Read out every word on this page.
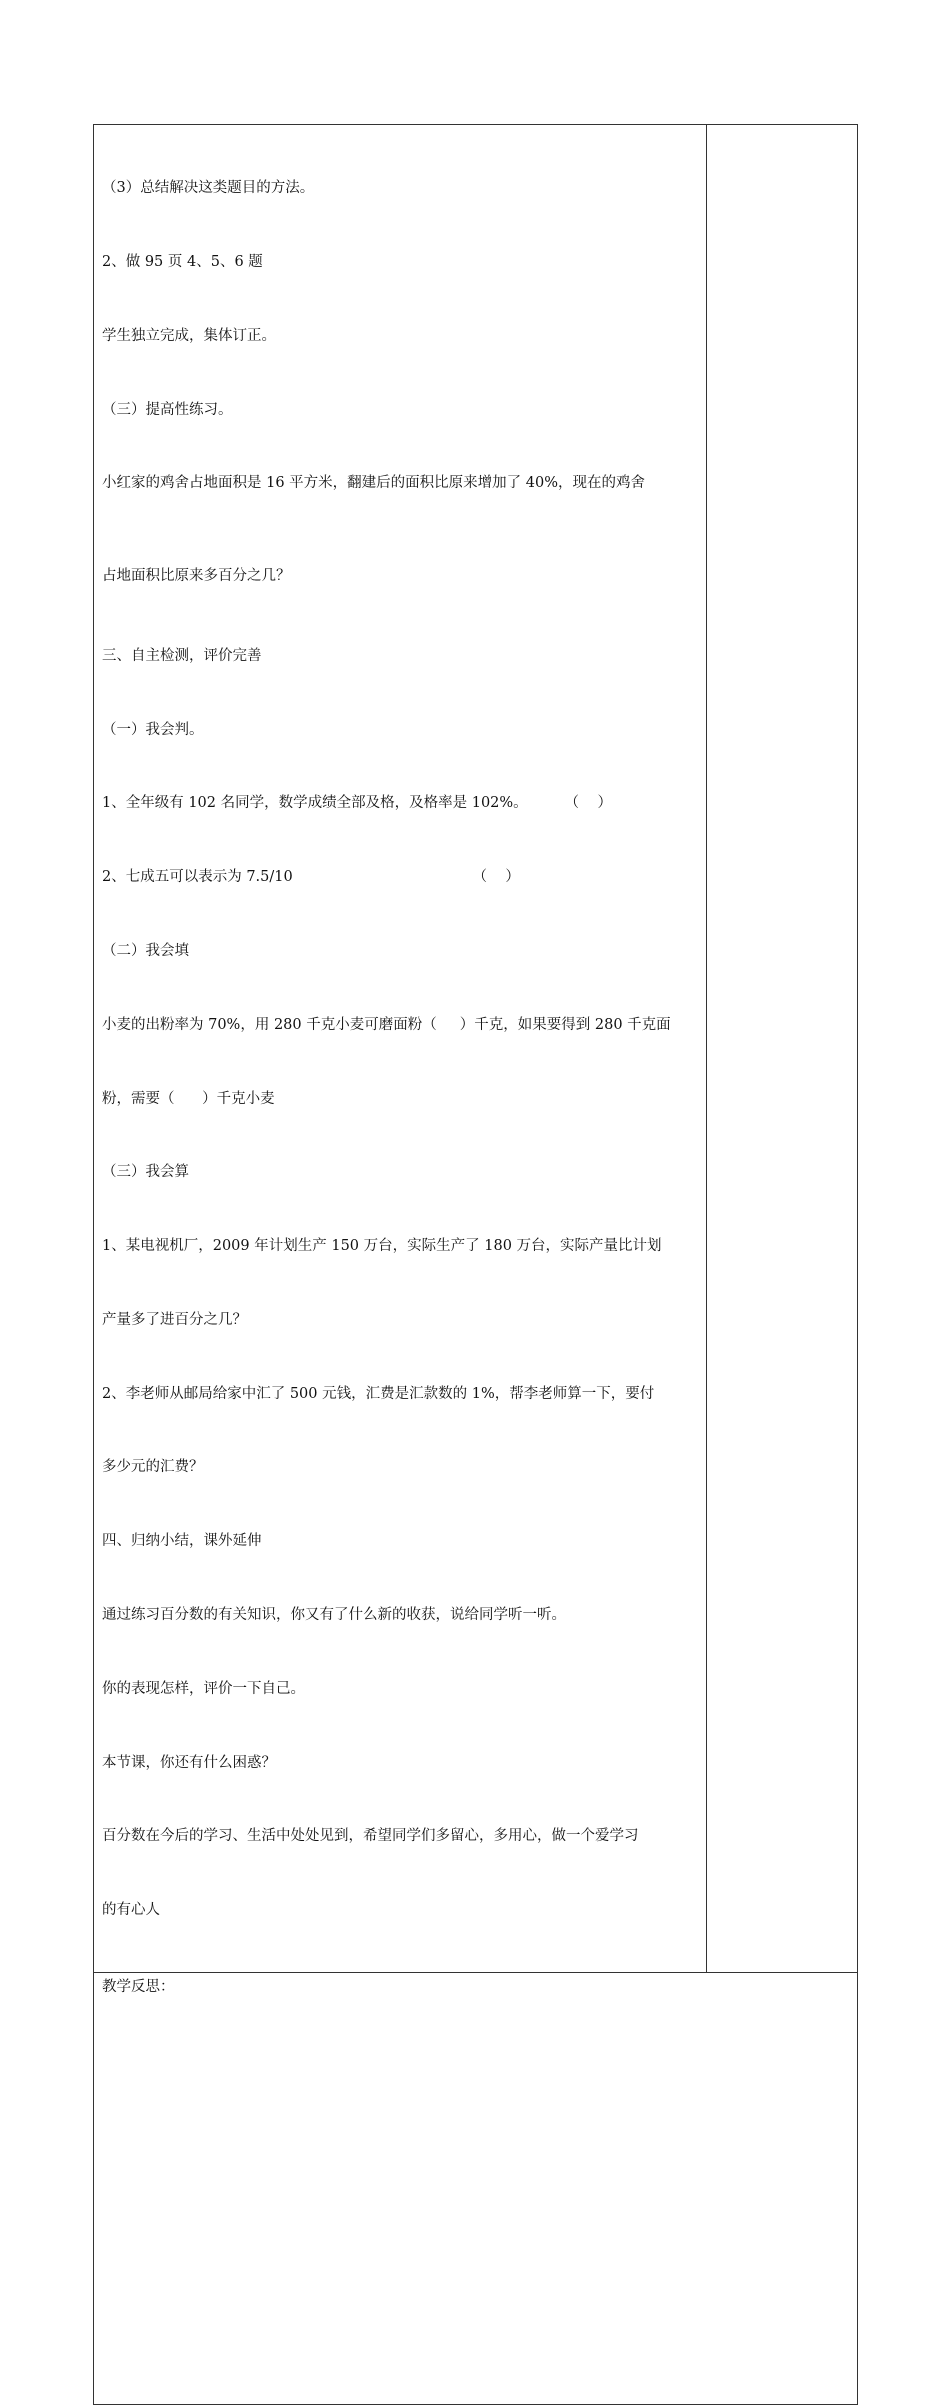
（3）总结解决这类题目的方法。

2、做 95 页 4、5、6 题

学生独立完成，集体订正。

（三）提高性练习。

小红家的鸡舍占地面积是 16 平方米，翻建后的面积比原来增加了 40%，现在的鸡舍

占地面积比原来多百分之几？

三、自主检测，评价完善

（一）我会判。

1、全年级有 102 名同学，数学成绩全部及格，及格率是 102%。        （    ）

2、七成五可以表示为 7.5/10                                       （    ）

（二）我会填

小麦的出粉率为 70%，用 280 千克小麦可磨面粉（     ）千克，如果要得到 280 千克面

粉，需要（      ）千克小麦

（三）我会算

1、某电视机厂，2009 年计划生产 150 万台，实际生产了 180 万台，实际产量比计划

产量多了进百分之几？

2、李老师从邮局给家中汇了 500 元钱，汇费是汇款数的 1%，帮李老师算一下，要付

多少元的汇费？

四、归纳小结，课外延伸

通过练习百分数的有关知识，你又有了什么新的收获，说给同学听一听。

你的表现怎样，评价一下自己。

本节课，你还有什么困惑？

百分数在今后的学习、生活中处处见到，希望同学们多留心，多用心，做一个爱学习

的有心人

教学反思：
